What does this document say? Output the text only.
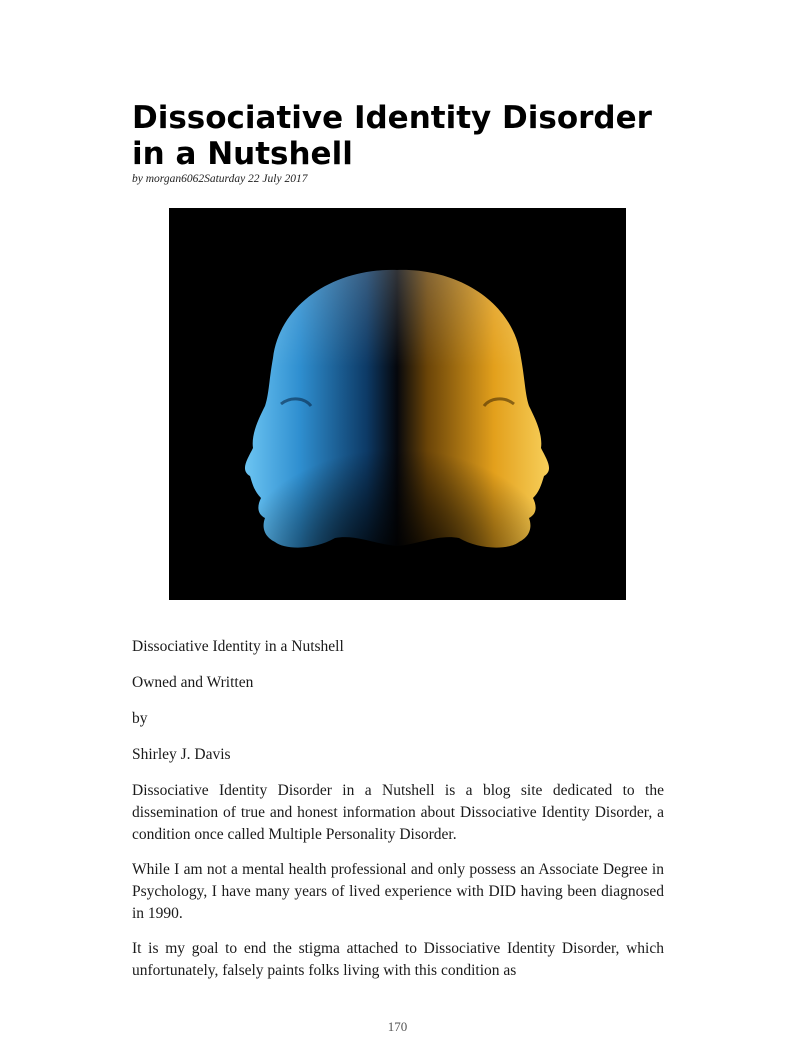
Dissociative Identity Disorder in a Nutshell

by morgan6062Saturday 22 July 2017

Dissociative Identity in a Nutshell

Owned and Written

by

Shirley J. Davis

Dissociative Identity Disorder in a Nutshell is a blog site dedicated to the dissemination of true and honest information about Dissociative Identity Disorder, a condition once called Multiple Personality Disorder.

While I am not a mental health professional and only possess an Associate Degree in Psychology, I have many years of lived experience with DID having been diagnosed in 1990.

It is my goal to end the stigma attached to Dissociative Identity Disorder, which unfortunately, falsely paints folks living with this condition as

170
